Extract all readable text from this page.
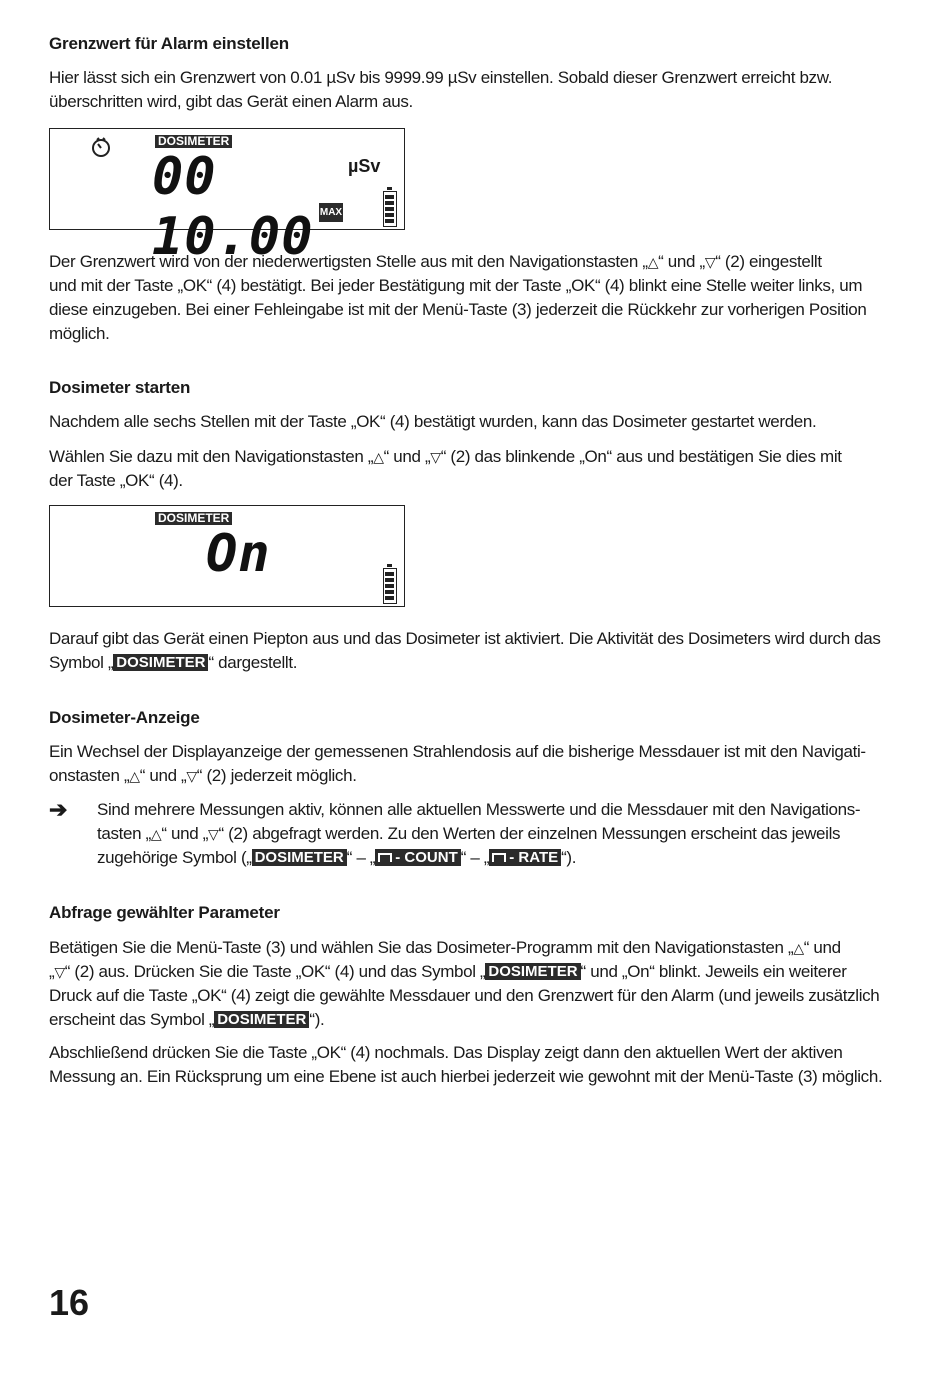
Grenzwert für Alarm einstellen
Hier lässt sich ein Grenzwert von 0.01 µSv bis 9999.99 µSv einstellen. Sobald dieser Grenzwert erreicht bzw.
überschritten wird, gibt das Gerät einen Alarm aus.
DOSIMETER
00 10.00
µSv
MAX
Der Grenzwert wird von der niederwertigsten Stelle aus mit den Navigationstasten „△“ und „▽“ (2) eingestellt
und mit der Taste „OK“ (4) bestätigt. Bei jeder Bestätigung mit der Taste „OK“ (4) blinkt eine Stelle weiter links, um
diese einzugeben. Bei einer Fehleingabe ist mit der Menü-Taste (3) jederzeit die Rückkehr zur vorherigen Position
möglich.
Dosimeter starten
Nachdem alle sechs Stellen mit der Taste „OK“ (4) bestätigt wurden, kann das Dosimeter gestartet werden.
Wählen Sie dazu mit den Navigationstasten „△“ und „▽“ (2) das blinkende „On“ aus und bestätigen Sie dies mit
der Taste „OK“ (4).
DOSIMETER
On
Darauf gibt das Gerät einen Piepton aus und das Dosimeter ist aktiviert. Die Aktivität des Dosimeters wird durch das
Symbol „ DOSIMETER “ dargestellt.
Dosimeter-Anzeige
Ein Wechsel der Displayanzeige der gemessenen Strahlendosis auf die bisherige Messdauer ist mit den Navigati-
onstasten „△“ und „▽“ (2) jederzeit möglich.
➔ Sind mehrere Messungen aktiv, können alle aktuellen Messwerte und die Messdauer mit den Navigations-
tasten „△“ und „▽“ (2) abgefragt werden. Zu den Werten der einzelnen Messungen erscheint das jeweils
zugehörige Symbol („ DOSIMETER “ – „ - COUNT “ – „ - RATE “).
Abfrage gewählter Parameter
Betätigen Sie die Menü-Taste (3) und wählen Sie das Dosimeter-Programm mit den Navigationstasten „△“ und
„▽“ (2) aus. Drücken Sie die Taste „OK“ (4) und das Symbol „ DOSIMETER “ und „On“ blinkt. Jeweils ein weiterer
Druck auf die Taste „OK“ (4) zeigt die gewählte Messdauer und den Grenzwert für den Alarm (und jeweils zusätzlich
erscheint das Symbol „ DOSIMETER “).
Abschließend drücken Sie die Taste „OK“ (4) nochmals. Das Display zeigt dann den aktuellen Wert der aktiven
Messung an. Ein Rücksprung um eine Ebene ist auch hierbei jederzeit wie gewohnt mit der Menü-Taste (3) möglich.
16
